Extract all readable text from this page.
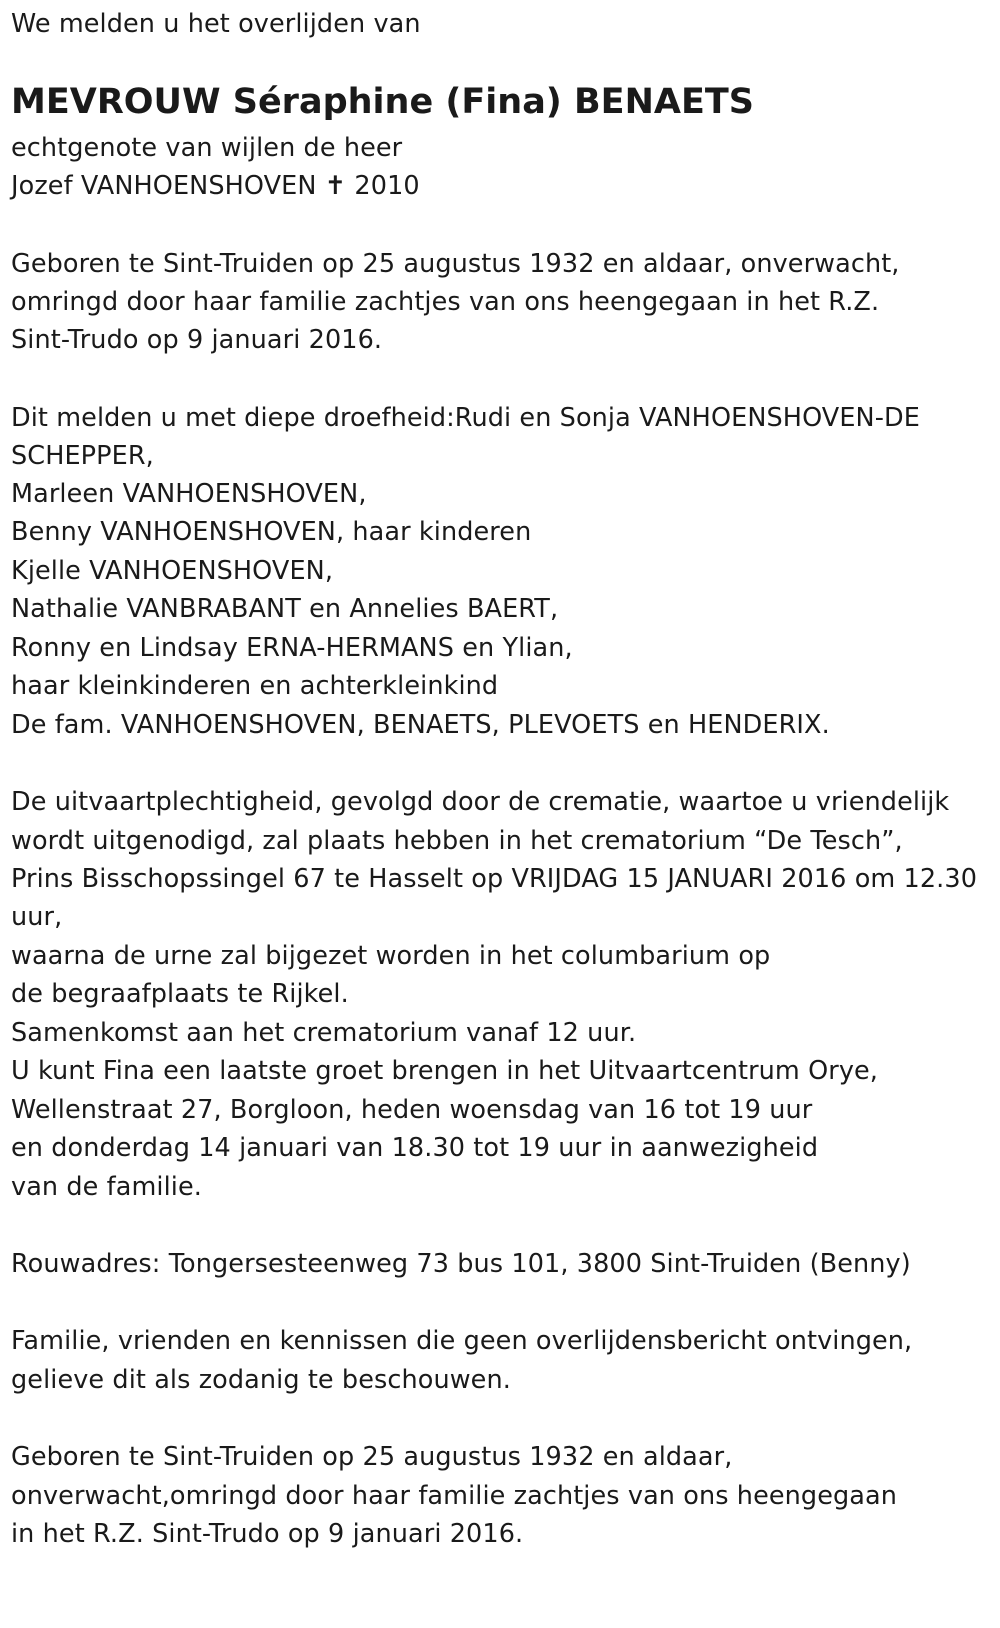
We melden u het overlijden van
MEVROUW Séraphine (Fina) BENAETS
echtgenote van wijlen de heer
Jozef VANHOENSHOVEN ✝ 2010
Geboren te Sint-Truiden op 25 augustus 1932 en aldaar, onverwacht,
omringd door haar familie zachtjes van ons heengegaan in het R.Z.
Sint-Trudo op 9 januari 2016.
Dit melden u met diepe droefheid:Rudi en Sonja VANHOENSHOVEN-DE
SCHEPPER,
Marleen VANHOENSHOVEN,
Benny VANHOENSHOVEN, haar kinderen
Kjelle VANHOENSHOVEN,
Nathalie VANBRABANT en Annelies BAERT,
Ronny en Lindsay ERNA-HERMANS en Ylian,
haar kleinkinderen en achterkleinkind
De fam. VANHOENSHOVEN, BENAETS, PLEVOETS en HENDERIX.
De uitvaartplechtigheid, gevolgd door de crematie, waartoe u vriendelijk
wordt uitgenodigd, zal plaats hebben in het crematorium “De Tesch”,
Prins Bisschopssingel 67 te Hasselt op VRIJDAG 15 JANUARI 2016 om 12.30
uur,
waarna de urne zal bijgezet worden in het columbarium op
de begraafplaats te Rijkel.
Samenkomst aan het crematorium vanaf 12 uur.
U kunt Fina een laatste groet brengen in het Uitvaartcentrum Orye,
Wellenstraat 27, Borgloon, heden woensdag van 16 tot 19 uur
en donderdag 14 januari van 18.30 tot 19 uur in aanwezigheid
van de familie.
Rouwadres: Tongersesteenweg 73 bus 101, 3800 Sint-Truiden (Benny)
Familie, vrienden en kennissen die geen overlijdensbericht ontvingen,
gelieve dit als zodanig te beschouwen.
Geboren te Sint-Truiden op 25 augustus 1932 en aldaar,
onverwacht,omringd door haar familie zachtjes van ons heengegaan
in het R.Z. Sint-Trudo op 9 januari 2016.
